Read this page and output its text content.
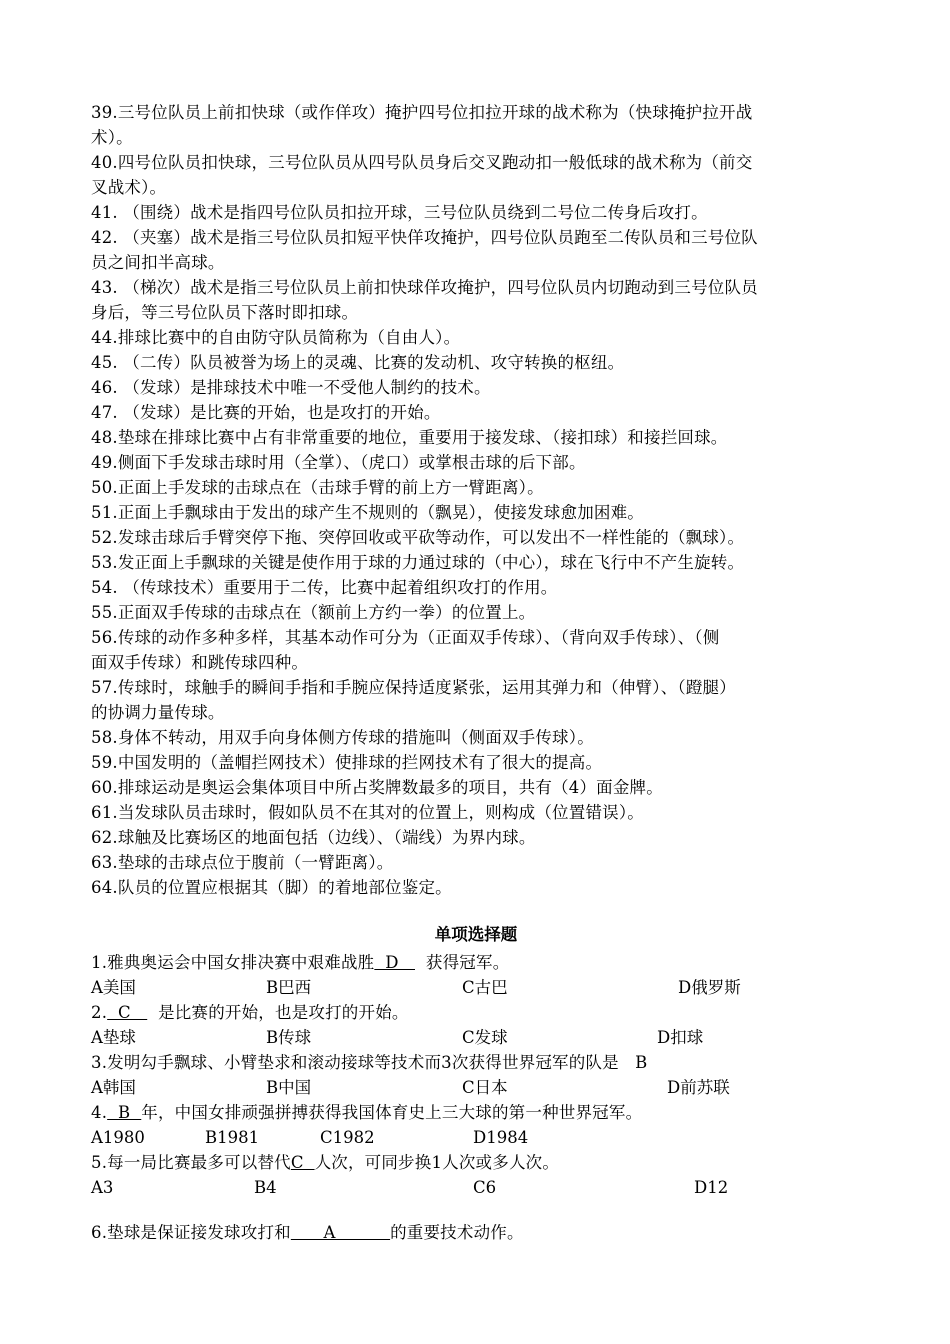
39.三号位队员上前扣快球（或作佯攻）掩护四号位扣拉开球的战术称为（快球掩护拉开战
术）。
40.四号位队员扣快球，三号位队员从四号队员身后交叉跑动扣一般低球的战术称为（前交
叉战术）。
41. （围绕）战术是指四号位队员扣拉开球，三号位队员绕到二号位二传身后攻打。
42. （夹塞）战术是指三号位队员扣短平快佯攻掩护，四号位队员跑至二传队员和三号位队
员之间扣半高球。
43. （梯次）战术是指三号位队员上前扣快球佯攻掩护，四号位队员内切跑动到三号位队员
身后，等三号位队员下落时即扣球。
44.排球比赛中的自由防守队员简称为（自由人）。
45. （二传）队员被誉为场上的灵魂、比赛的发动机、攻守转换的枢纽。
46. （发球）是排球技术中唯一不受他人制约的技术。
47. （发球）是比赛的开始，也是攻打的开始。
48.垫球在排球比赛中占有非常重要的地位，重要用于接发球、（接扣球）和接拦回球。
49.侧面下手发球击球时用（全掌）、（虎口）或掌根击球的后下部。
50.正面上手发球的击球点在（击球手臂的前上方一臂距离）。
51.正面上手飘球由于发出的球产生不规则的（飘晃），使接发球愈加困难。
52.发球击球后手臂突停下拖、突停回收或平砍等动作，可以发出不一样性能的（飘球）。
53.发正面上手飘球的关键是使作用于球的力通过球的（中心），球在飞行中不产生旋转。
54. （传球技术）重要用于二传，比赛中起着组织攻打的作用。
55.正面双手传球的击球点在（额前上方约一拳）的位置上。
56.传球的动作多种多样，其基本动作可分为（正面双手传球）、（背向双手传球）、（侧
面双手传球）和跳传球四种。
57.传球时，球触手的瞬间手指和手腕应保持适度紧张，运用其弹力和（伸臂）、（蹬腿）
的协调力量传球。
58.身体不转动，用双手向身体侧方传球的措施叫（侧面双手传球）。
59.中国发明的（盖帽拦网技术）使排球的拦网技术有了很大的提高。
60.排球运动是奥运会集体项目中所占奖牌数最多的项目，共有（4）面金牌。
61.当发球队员击球时，假如队员不在其对的位置上，则构成（位置错误）。
62.球触及比赛场区的地面包括（边线）、（端线）为界内球。
63.垫球的击球点位于腹前（一臂距离）。
64.队员的位置应根据其（脚）的着地部位鉴定。
单项选择题
1.雅典奥运会中国女排决赛中艰难战胜  D     获得冠军。
A美国	B巴西	C古巴	D俄罗斯
2.  C     是比赛的开始，也是攻打的开始。
A垫球	B传球	C发球	D扣球
3.发明勾手飘球、小臂垫求和滚动接球等技术而3次获得世界冠军的队是   B
A韩国	B中国	C日本	D前苏联
4.  B  年，中国女排顽强拼搏获得我国体育史上三大球的第一种世界冠军。
A1980	B1981	C1982	D1984
5.每一局比赛最多可以替代C  人次，可同步换1人次或多人次。
A3	B4	C6	D12
6.垫球是保证接发球攻打和      A          的重要技术动作。
